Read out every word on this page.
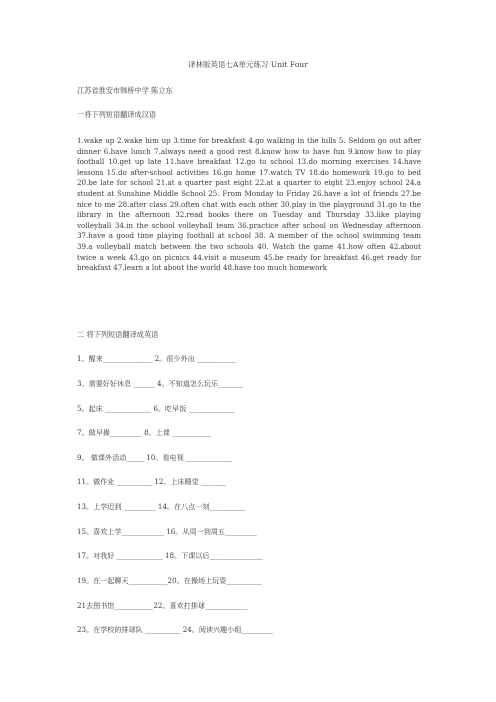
译林版英语七A单元练习 Unit Four
江苏省淮安市韩桥中学 陈立东
一将下列短语翻译成汉语
1.wake up 2.wake him up 3.time for breakfast 4.go walking in the hills 5. Seldom go out after dinner 6.have lunch 7.always need a good rest 8.know how to have fun 9.know how to play football 10.get up late 11.have breakfast 12.go to school 13.do morning exercises 14.have lessons 15.do after-school activities 16.go home 17.watch TV 18.do homework 19.go to bed 20.be late for school 21.at a quarter past eight 22.at a quarter to eight 23.enjoy school 24.a student at Sunshine Middle School 25. From Monday to Friday 26.have a lot of friends 27.be nice to me 28.after class 29.often chat with each other 30.play in the playground 31.go to the library in the afternoon 32.read books there on Tuesday and Thursday 33.like playing volleyball 34.in the school volleyball team 36.practice after school on Wednesday afternoon 37.have a good time playing football at school 38. A member of the school swimming team 39.a volleyball match between the two schools 40. Watch the game 41.how often 42.about twice a week 43.go on picnics 44.visit a museum 45.be ready for breakfast 46.get ready for breakfast 47.learn a lot about the world 48.have too much homework
二 将下列短语翻译成英语
1。醒来______________ 2。很少外出 ___________
3。需要好好休息 ______ 4。不知道怎么玩乐_______
5。起床 _____________ 6。吃早饭 _____________
7。做早操_________ 8。上课 ___________
9。 做课外活动_____ 10。看电视 _____________
11。做作业 __________ 12。上床睡觉 _______
13。上学迟到 _________ 14。在八点一刻__________
15。喜欢上学____________ 16。从周一到周五_________
17。对我好 _____________ 18。下课以后_______________
19。在一起聊天___________20。在操场上玩耍__________
21去图书馆___________22。喜欢打排球____________
23。在学校的排球队 __________ 24。阅读兴趣小组_________
